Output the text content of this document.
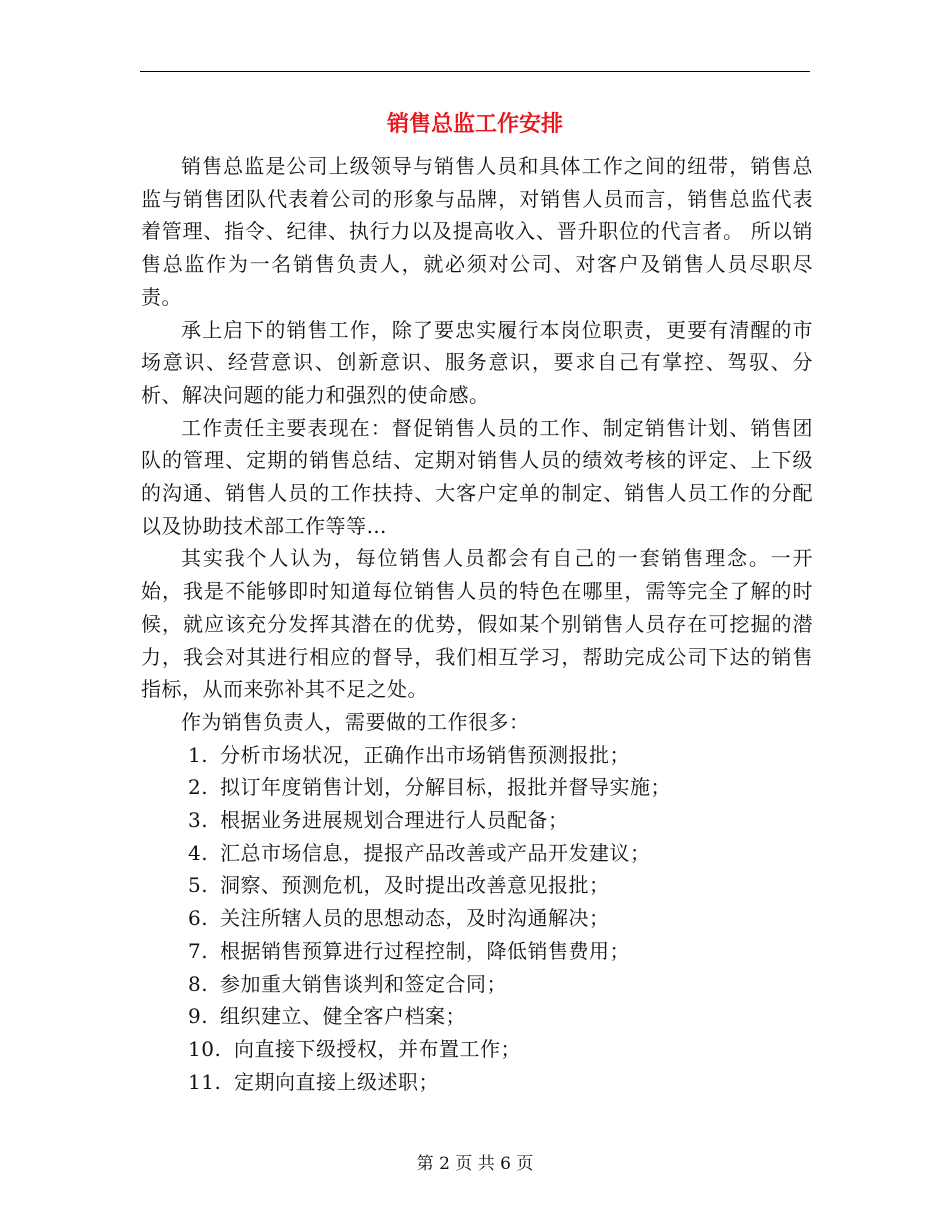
销售总监工作安排

销售总监是公司上级领导与销售人员和具体工作之间的纽带，销售总监与销售团队代表着公司的形象与品牌，对销售人员而言，销售总监代表着管理、指令、纪律、执行力以及提高收入、晋升职位的代言者。 所以销售总监作为一名销售负责人，就必须对公司、对客户及销售人员尽职尽责。

承上启下的销售工作，除了要忠实履行本岗位职责，更要有清醒的市场意识、经营意识、创新意识、服务意识，要求自己有掌控、驾驭、分析、解决问题的能力和强烈的使命感。

工作责任主要表现在：督促销售人员的工作、制定销售计划、销售团队的管理、定期的销售总结、定期对销售人员的绩效考核的评定、上下级的沟通、销售人员的工作扶持、大客户定单的制定、销售人员工作的分配以及协助技术部工作等等…

其实我个人认为，每位销售人员都会有自己的一套销售理念。一开始，我是不能够即时知道每位销售人员的特色在哪里，需等完全了解的时候，就应该充分发挥其潜在的优势，假如某个别销售人员存在可挖掘的潜力，我会对其进行相应的督导，我们相互学习，帮助完成公司下达的销售指标，从而来弥补其不足之处。

作为销售负责人，需要做的工作很多：

1. 分析市场状况，正确作出市场销售预测报批；
2. 拟订年度销售计划，分解目标，报批并督导实施；
3. 根据业务进展规划合理进行人员配备；
4. 汇总市场信息，提报产品改善或产品开发建议；
5. 洞察、预测危机，及时提出改善意见报批；
6. 关注所辖人员的思想动态，及时沟通解决；
7. 根据销售预算进行过程控制，降低销售费用；
8. 参加重大销售谈判和签定合同；
9. 组织建立、健全客户档案；
10. 向直接下级授权，并布置工作；
11. 定期向直接上级述职；
第 2 页 共 6 页
